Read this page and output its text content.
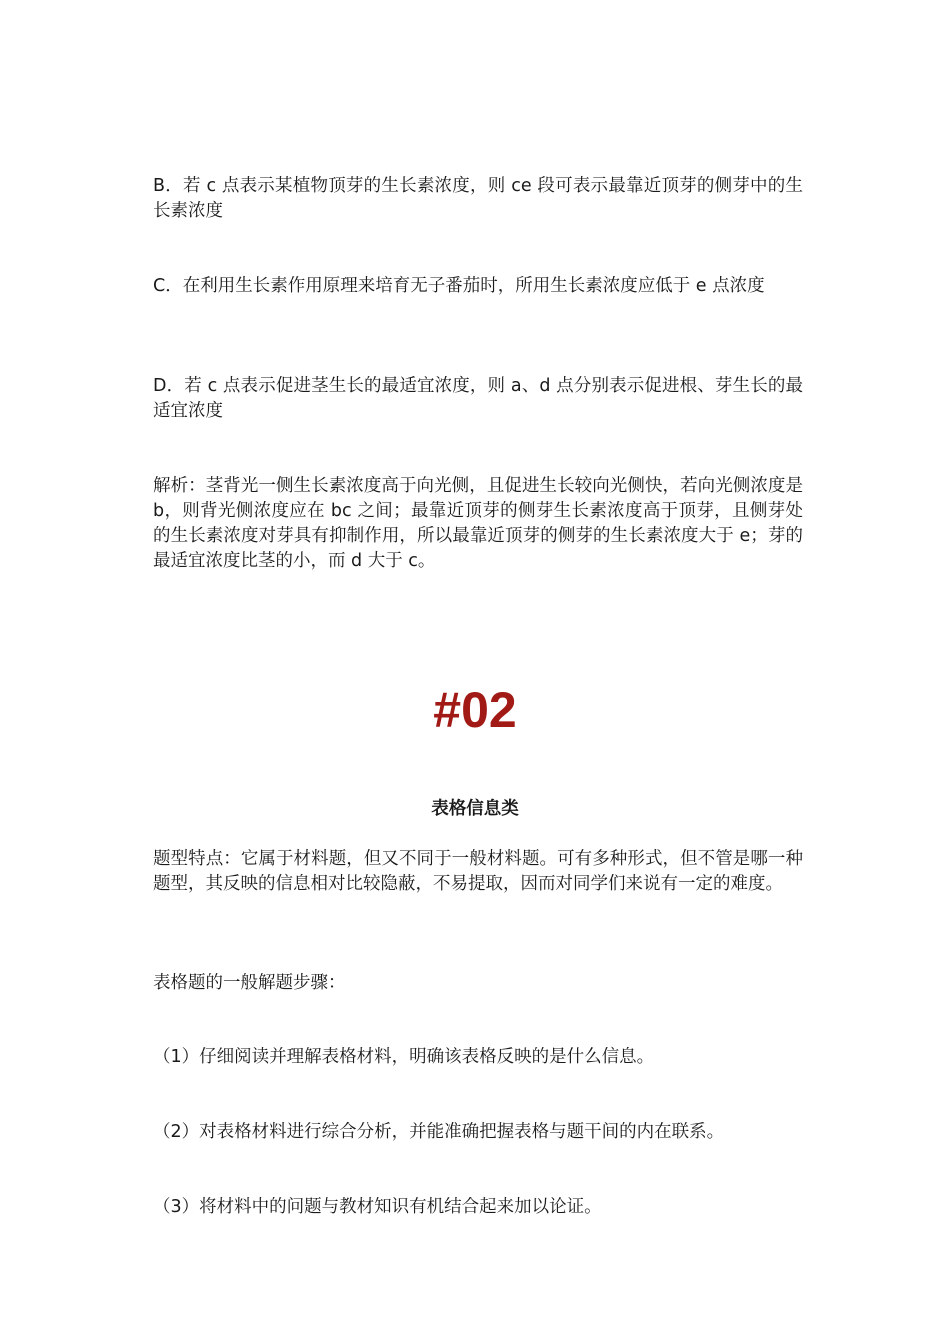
B．若 c 点表示某植物顶芽的生长素浓度，则 ce 段可表示最靠近顶芽的侧芽中的生长素浓度

C．在利用生长素作用原理来培育无子番茄时，所用生长素浓度应低于 e 点浓度

D．若 c 点表示促进茎生长的最适宜浓度，则 a、d 点分别表示促进根、芽生长的最适宜浓度

解析：茎背光一侧生长素浓度高于向光侧，且促进生长较向光侧快，若向光侧浓度是 b，则背光侧浓度应在 bc 之间；最靠近顶芽的侧芽生长素浓度高于顶芽，且侧芽处的生长素浓度对芽具有抑制作用，所以最靠近顶芽的侧芽的生长素浓度大于 e；芽的最适宜浓度比茎的小，而 d 大于 c。

#02
表格信息类

题型特点：它属于材料题，但又不同于一般材料题。可有多种形式，但不管是哪一种题型，其反映的信息相对比较隐蔽，不易提取，因而对同学们来说有一定的难度。

表格题的一般解题步骤：

（1）仔细阅读并理解表格材料，明确该表格反映的是什么信息。

（2）对表格材料进行综合分析，并能准确把握表格与题干间的内在联系。

（3）将材料中的问题与教材知识有机结合起来加以论证。
